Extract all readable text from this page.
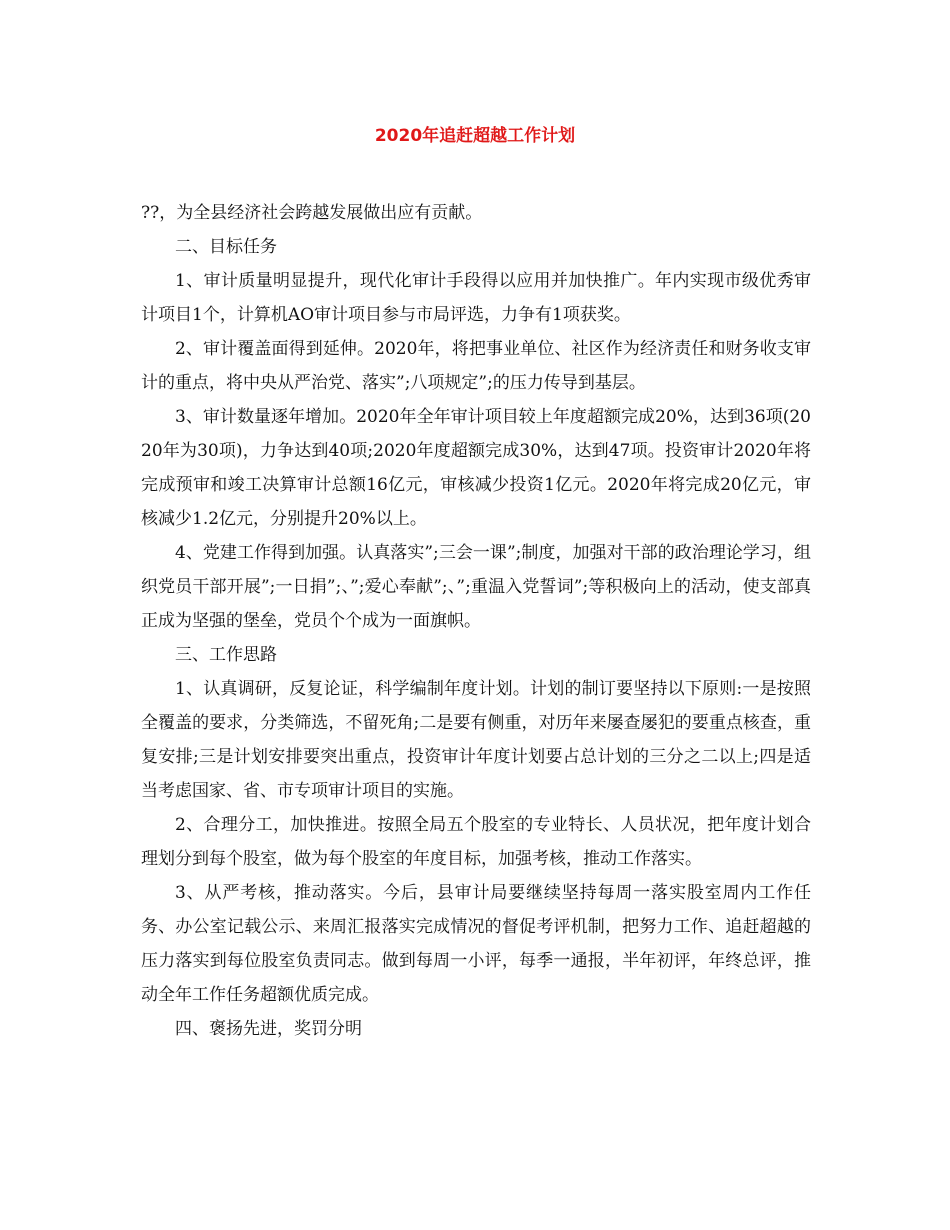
2020年追赶超越工作计划

??，为全县经济社会跨越发展做出应有贡献。

二、目标任务

1、审计质量明显提升，现代化审计手段得以应用并加快推广。年内实现市级优秀审计项目1个，计算机AO审计项目参与市局评选，力争有1项获奖。

2、审计覆盖面得到延伸。2020年，将把事业单位、社区作为经济责任和财务收支审计的重点，将中央从严治党、落实”;八项规定”;的压力传导到基层。

3、审计数量逐年增加。2020年全年审计项目较上年度超额完成20%，达到36项(2020年为30项)，力争达到40项;2020年度超额完成30%，达到47项。投资审计2020年将完成预审和竣工决算审计总额16亿元，审核减少投资1亿元。2020年将完成20亿元，审核减少1.2亿元，分别提升20%以上。

4、党建工作得到加强。认真落实”;三会一课”;制度，加强对干部的政治理论学习，组织党员干部开展”;一日捐”;、”;爱心奉献”;、”;重温入党誓词”;等积极向上的活动，使支部真正成为坚强的堡垒，党员个个成为一面旗帜。

三、工作思路

1、认真调研，反复论证，科学编制年度计划。计划的制订要坚持以下原则:一是按照全覆盖的要求，分类筛选，不留死角;二是要有侧重，对历年来屡查屡犯的要重点核查，重复安排;三是计划安排要突出重点，投资审计年度计划要占总计划的三分之二以上;四是适当考虑国家、省、市专项审计项目的实施。

2、合理分工，加快推进。按照全局五个股室的专业特长、人员状况，把年度计划合理划分到每个股室，做为每个股室的年度目标，加强考核，推动工作落实。

3、从严考核，推动落实。今后，县审计局要继续坚持每周一落实股室周内工作任务、办公室记载公示、来周汇报落实完成情况的督促考评机制，把努力工作、追赶超越的压力落实到每位股室负责同志。做到每周一小评，每季一通报，半年初评，年终总评，推动全年工作任务超额优质完成。

四、褒扬先进，奖罚分明
